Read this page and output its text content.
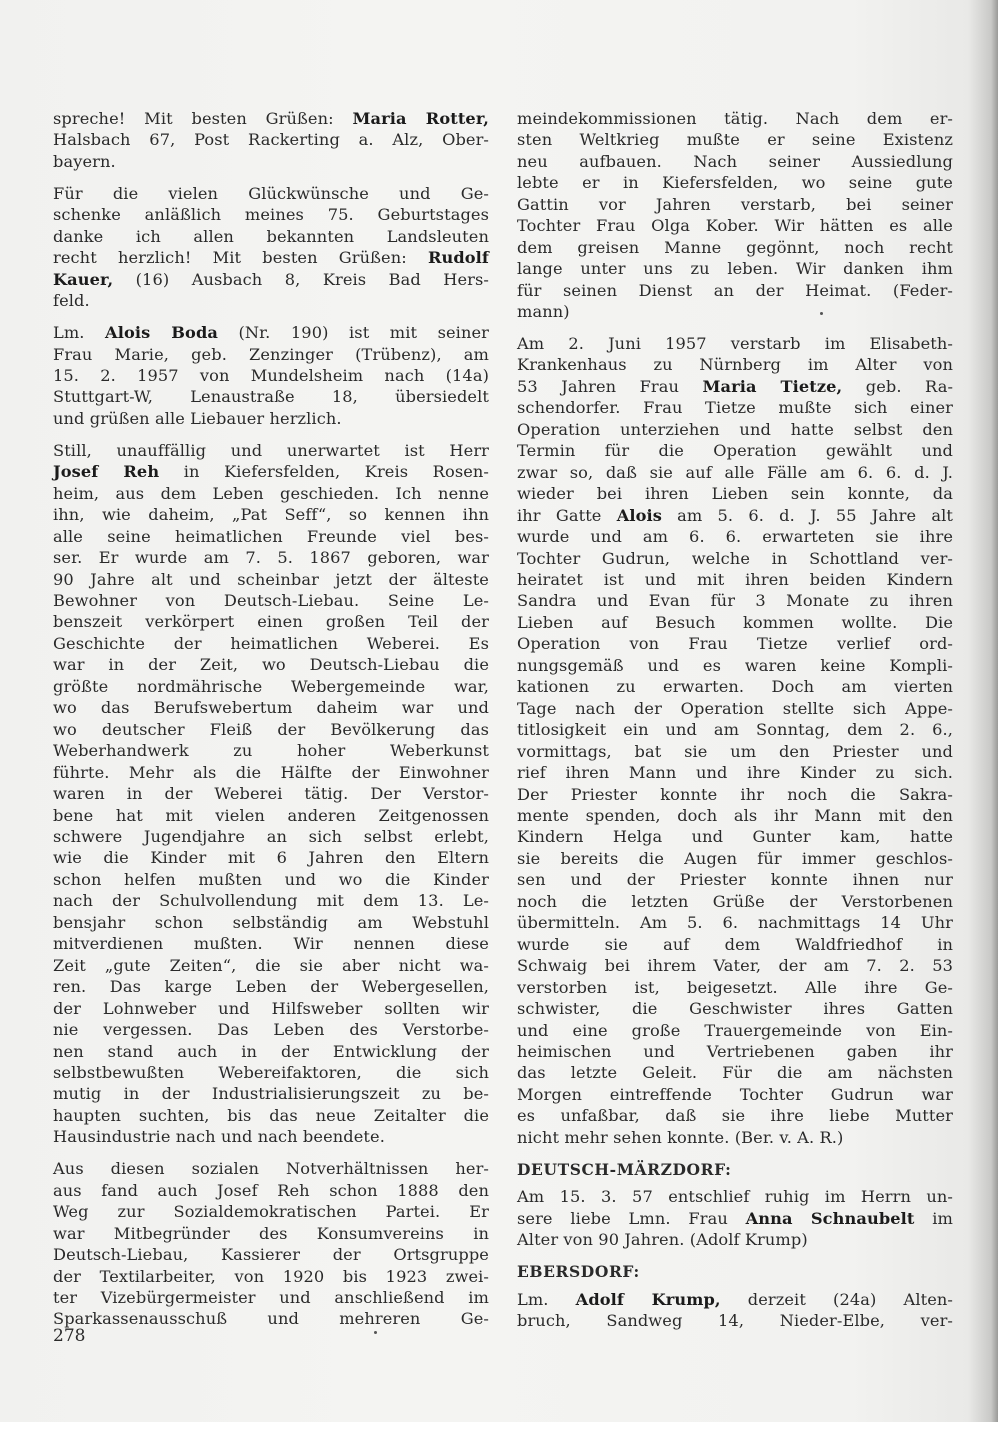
spreche! Mit besten Grüßen: Maria Rotter,
Halsbach 67, Post Rackerting a. Alz, Ober-
bayern.

Für die vielen Glückwünsche und Ge-
schenke anläßlich meines 75. Geburtstages
danke ich allen bekannten Landsleuten
recht herzlich! Mit besten Grüßen: Rudolf
Kauer, (16) Ausbach 8, Kreis Bad Hers-
feld.

Lm. Alois Boda (Nr. 190) ist mit seiner
Frau Marie, geb. Zenzinger (Trübenz), am
15. 2. 1957 von Mundelsheim nach (14a)
Stuttgart-W, Lenaustraße 18, übersiedelt
und grüßen alle Liebauer herzlich.

Still, unauffällig und unerwartet ist Herr
Josef Reh in Kiefersfelden, Kreis Rosen-
heim, aus dem Leben geschieden. Ich nenne
ihn, wie daheim, „Pat Seff“, so kennen ihn
alle seine heimatlichen Freunde viel bes-
ser. Er wurde am 7. 5. 1867 geboren, war
90 Jahre alt und scheinbar jetzt der älteste
Bewohner von Deutsch-Liebau. Seine Le-
benszeit verkörpert einen großen Teil der
Geschichte der heimatlichen Weberei. Es
war in der Zeit, wo Deutsch-Liebau die
größte nordmährische Webergemeinde war,
wo das Berufswebertum daheim war und
wo deutscher Fleiß der Bevölkerung das
Weberhandwerk zu hoher Weberkunst
führte. Mehr als die Hälfte der Einwohner
waren in der Weberei tätig. Der Verstor-
bene hat mit vielen anderen Zeitgenossen
schwere Jugendjahre an sich selbst erlebt,
wie die Kinder mit 6 Jahren den Eltern
schon helfen mußten und wo die Kinder
nach der Schulvollendung mit dem 13. Le-
bensjahr schon selbständig am Webstuhl
mitverdienen mußten. Wir nennen diese
Zeit „gute Zeiten“, die sie aber nicht wa-
ren. Das karge Leben der Webergesellen,
der Lohnweber und Hilfsweber sollten wir
nie vergessen. Das Leben des Verstorbe-
nen stand auch in der Entwicklung der
selbstbewußten Webereifaktoren, die sich
mutig in der Industrialisierungszeit zu be-
haupten suchten, bis das neue Zeitalter die
Hausindustrie nach und nach beendete.

Aus diesen sozialen Notverhältnissen her-
aus fand auch Josef Reh schon 1888 den
Weg zur Sozialdemokratischen Partei. Er
war Mitbegründer des Konsumvereins in
Deutsch-Liebau, Kassierer der Ortsgruppe
der Textilarbeiter, von 1920 bis 1923 zwei-
ter Vizebürgermeister und anschließend im
Sparkassenausschuß und mehreren Ge-

meindekommissionen tätig. Nach dem er-
sten Weltkrieg mußte er seine Existenz
neu aufbauen. Nach seiner Aussiedlung
lebte er in Kiefersfelden, wo seine gute
Gattin vor Jahren verstarb, bei seiner
Tochter Frau Olga Kober. Wir hätten es alle
dem greisen Manne gegönnt, noch recht
lange unter uns zu leben. Wir danken ihm
für seinen Dienst an der Heimat. (Feder-
mann)

Am 2. Juni 1957 verstarb im Elisabeth-
Krankenhaus zu Nürnberg im Alter von
53 Jahren Frau Maria Tietze, geb. Ra-
schendorfer. Frau Tietze mußte sich einer
Operation unterziehen und hatte selbst den
Termin für die Operation gewählt und
zwar so, daß sie auf alle Fälle am 6. 6. d. J.
wieder bei ihren Lieben sein konnte, da
ihr Gatte Alois am 5. 6. d. J. 55 Jahre alt
wurde und am 6. 6. erwarteten sie ihre
Tochter Gudrun, welche in Schottland ver-
heiratet ist und mit ihren beiden Kindern
Sandra und Evan für 3 Monate zu ihren
Lieben auf Besuch kommen wollte. Die
Operation von Frau Tietze verlief ord-
nungsgemäß und es waren keine Kompli-
kationen zu erwarten. Doch am vierten
Tage nach der Operation stellte sich Appe-
titlosigkeit ein und am Sonntag, dem 2. 6.,
vormittags, bat sie um den Priester und
rief ihren Mann und ihre Kinder zu sich.
Der Priester konnte ihr noch die Sakra-
mente spenden, doch als ihr Mann mit den
Kindern Helga und Gunter kam, hatte
sie bereits die Augen für immer geschlos-
sen und der Priester konnte ihnen nur
noch die letzten Grüße der Verstorbenen
übermitteln. Am 5. 6. nachmittags 14 Uhr
wurde sie auf dem Waldfriedhof in
Schwaig bei ihrem Vater, der am 7. 2. 53
verstorben ist, beigesetzt. Alle ihre Ge-
schwister, die Geschwister ihres Gatten
und eine große Trauergemeinde von Ein-
heimischen und Vertriebenen gaben ihr
das letzte Geleit. Für die am nächsten
Morgen eintreffende Tochter Gudrun war
es unfaßbar, daß sie ihre liebe Mutter
nicht mehr sehen konnte. (Ber. v. A. R.)

DEUTSCH-MÄRZDORF:

Am 15. 3. 57 entschlief ruhig im Herrn un-
sere liebe Lmn. Frau Anna Schnaubelt im
Alter von 90 Jahren. (Adolf Krump)

EBERSDORF:

Lm. Adolf Krump, derzeit (24a) Alten-
bruch, Sandweg 14, Nieder-Elbe, ver-

278
